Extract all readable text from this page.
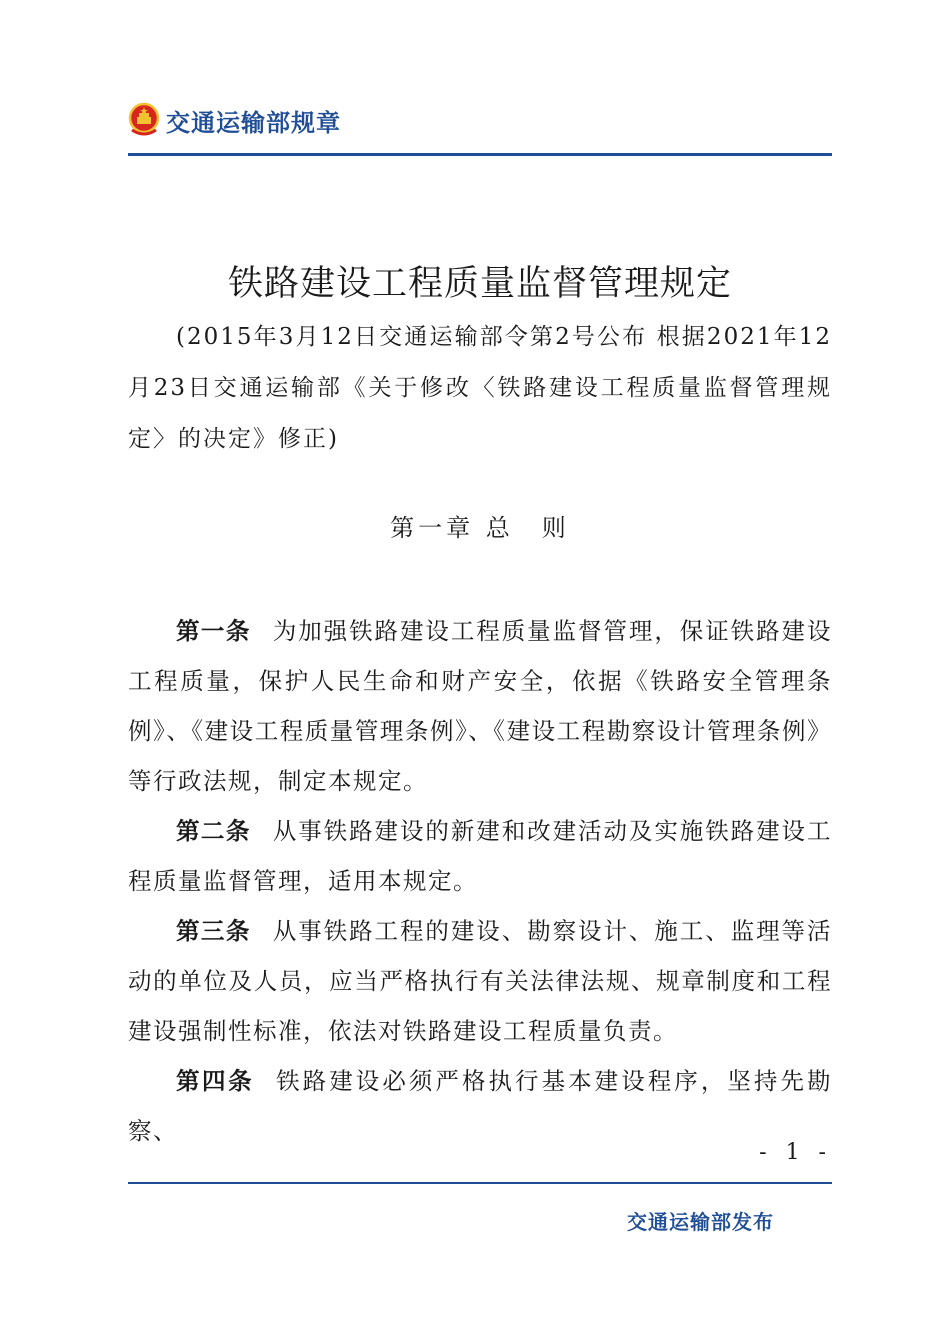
交通运输部规章
铁路建设工程质量监督管理规定
(2015年3月12日交通运输部令第2号公布 根据2021年12月23日交通运输部《关于修改〈铁路建设工程质量监督管理规定〉的决定》修正)
第一章 总　则

第一条 为加强铁路建设工程质量监督管理，保证铁路建设工程质量，保护人民生命和财产安全，依据《铁路安全管理条例》、《建设工程质量管理条例》、《建设工程勘察设计管理条例》等行政法规，制定本规定。

第二条 从事铁路建设的新建和改建活动及实施铁路建设工程质量监督管理，适用本规定。

第三条 从事铁路工程的建设、勘察设计、施工、监理等活动的单位及人员，应当严格执行有关法律法规、规章制度和工程建设强制性标准，依法对铁路建设工程质量负责。

第四条 铁路建设必须严格执行基本建设程序，坚持先勘察、

- 1 -
交通运输部发布
